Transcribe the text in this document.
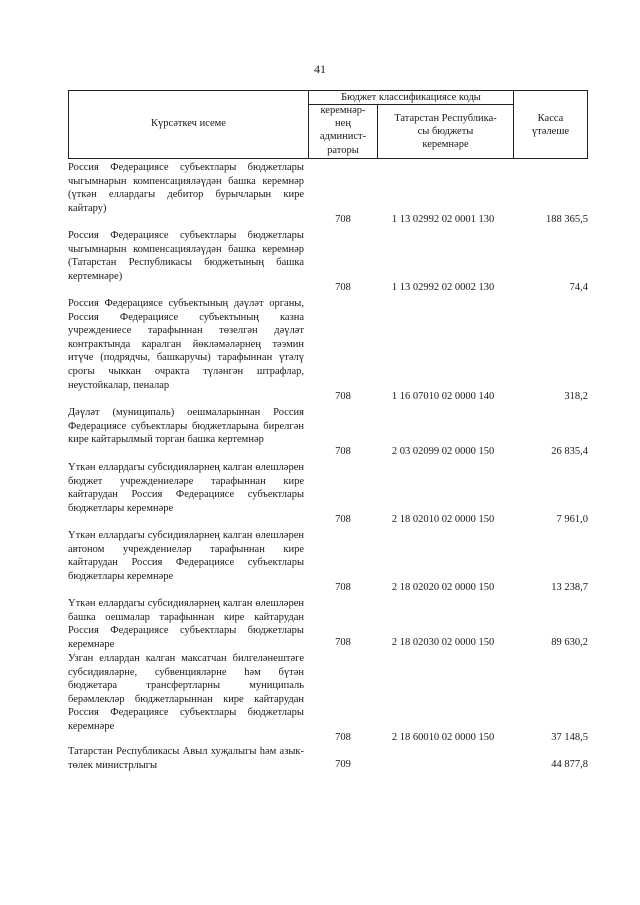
41
Күрсәткеч исеме
Бюджет классификациясе коды
керемнәр-
нең
админист-
раторы
Татарстан Республика-
сы бюджеты
керемнәре
Касса
үтәлеше
Россия Федерациясе субъектлары бюджетлары чыгымнарын компенсацияләүдән башка керемнәр (үткән еллардагы дебитор бурычларын кире кайтару)
708	1 13 02992 02 0001 130	188 365,5
Россия Федерациясе субъектлары бюджетлары чыгымнарын компенсацияләүдән башка керемнәр (Татарстан Республикасы бюджетының башка кертемнәре)
708	1 13 02992 02 0002 130	74,4
Россия Федерациясе субъектының дәүләт органы, Россия Федерациясе субъектының казна учреждениесе тарафыннан төзелгән дәүләт контрактында каралган йөкләмәләрнең тәэмин итүче (подрядчы, башкаручы) тарафыннан үтәлү срогы чыккан очракта түләнгән штрафлар, неустойкалар, пеналар
708	1 16 07010 02 0000 140	318,2
Дәүләт (муниципаль) оешмаларыннан Россия Федерациясе субъектлары бюджетларына бирелгән кире кайтарылмый торган башка кертемнәр
708	2 03 02099 02 0000 150	26 835,4
Үткән еллардагы субсидияләрнең калган өлешләрен бюджет учреждениеләре тарафыннан кире кайтарудан Россия Федерациясе субъектлары бюджетлары керемнәре
708	2 18 02010 02 0000 150	7 961,0
Үткән еллардагы субсидияләрнең калган өлешләрен автоном учреждениеләр тарафыннан кире кайтарудан Россия Федерациясе субъектлары бюджетлары керемнәре
708	2 18 02020 02 0000 150	13 238,7
Үткән еллардагы субсидияләрнең калган өлешләрен башка оешмалар тарафыннан кире кайтарудан Россия Федерациясе субъектлары бюджетлары керемнәре	708	2 18 02030 02 0000 150	89 630,2
Узган еллардан калган максатчан билгеләнештәге субсидияләрне, субвенцияләрне һәм бүтән бюджетара трансфертларны муниципаль берәмлекләр бюджетларыннан кире кайтарудан Россия Федерациясе субъектлары бюджетлары керемнәре
708	2 18 60010 02 0000 150	37 148,5
Татарстан Республикасы Авыл хуҗалыгы һәм азык-төлек министрлыгы	709	44 877,8
